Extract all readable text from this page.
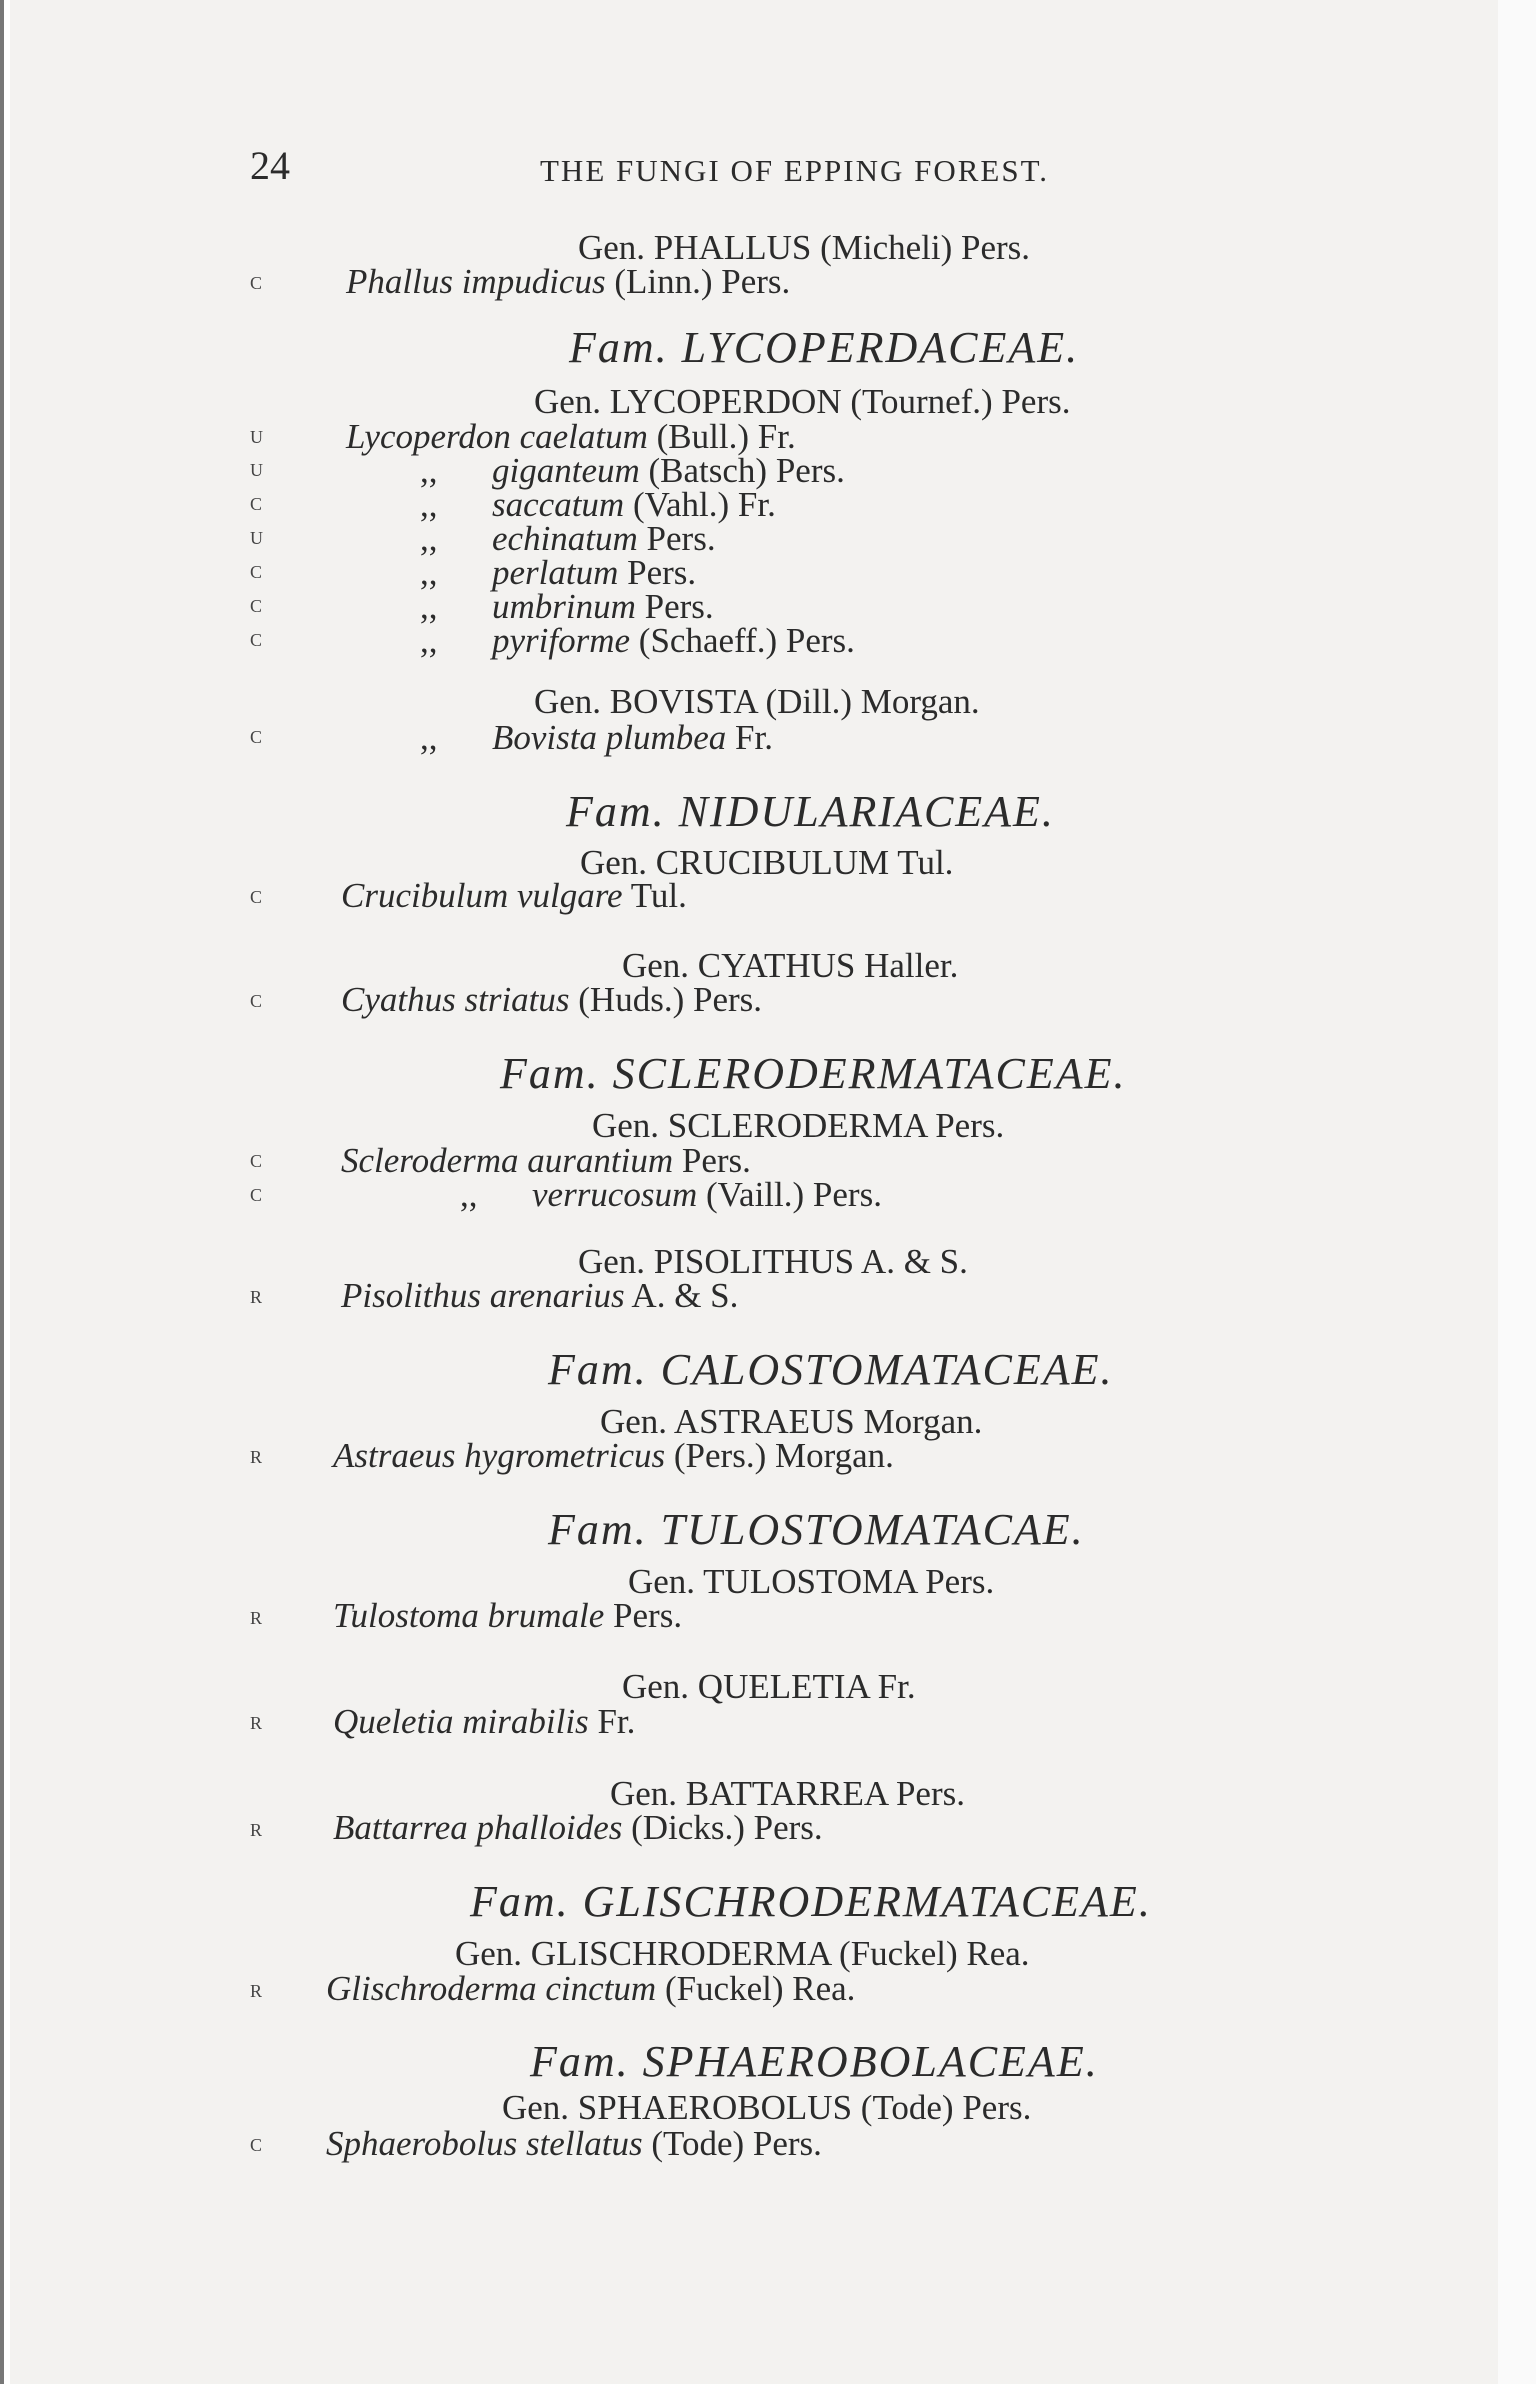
24	THE FUNGI OF EPPING FOREST.
Gen. PHALLUS (Micheli) Pers.
c Phallus impudicus (Linn.) Pers.
Fam. LYCOPERDACEAE.
Gen. LYCOPERDON (Tournef.) Pers.
u Lycoperdon caelatum (Bull.) Fr.
u	,, giganteum (Batsch) Pers.
c	,, saccatum (Vahl.) Fr.
u	,, echinatum Pers.
c	,, perlatum Pers.
c	,, umbrinum Pers.
c	,, pyriforme (Schaeff.) Pers.
Gen. BOVISTA (Dill.) Morgan.
c	,, Bovista plumbea Fr.
Fam. NIDULARIACEAE.
Gen. CRUCIBULUM Tul.
c Crucibulum vulgare Tul.
Gen. CYATHUS Haller.
c Cyathus striatus (Huds.) Pers.
Fam. SCLERODERMATACEAE.
Gen. SCLERODERMA Pers.
c Scleroderma aurantium Pers.
c	,, verrucosum (Vaill.) Pers.
Gen. PISOLITHUS A. & S.
r Pisolithus arenarius A. & S.
Fam. CALOSTOMATACEAE.
Gen. ASTRAEUS Morgan.
r Astraeus hygrometricus (Pers.) Morgan.
Fam. TULOSTOMATACAE.
Gen. TULOSTOMA Pers.
r Tulostoma brumale Pers.
Gen. QUELETIA Fr.
r Queletia mirabilis Fr.
Gen. BATTARREA Pers.
r Battarrea phalloides (Dicks.) Pers.
Fam. GLISCHRODERMATACEAE.
Gen. GLISCHRODERMA (Fuckel) Rea.
r Glischroderma cinctum (Fuckel) Rea.
Fam. SPHAEROBOLACEAE.
Gen. SPHAEROBOLUS (Tode) Pers.
c Sphaerobolus stellatus (Tode) Pers.
